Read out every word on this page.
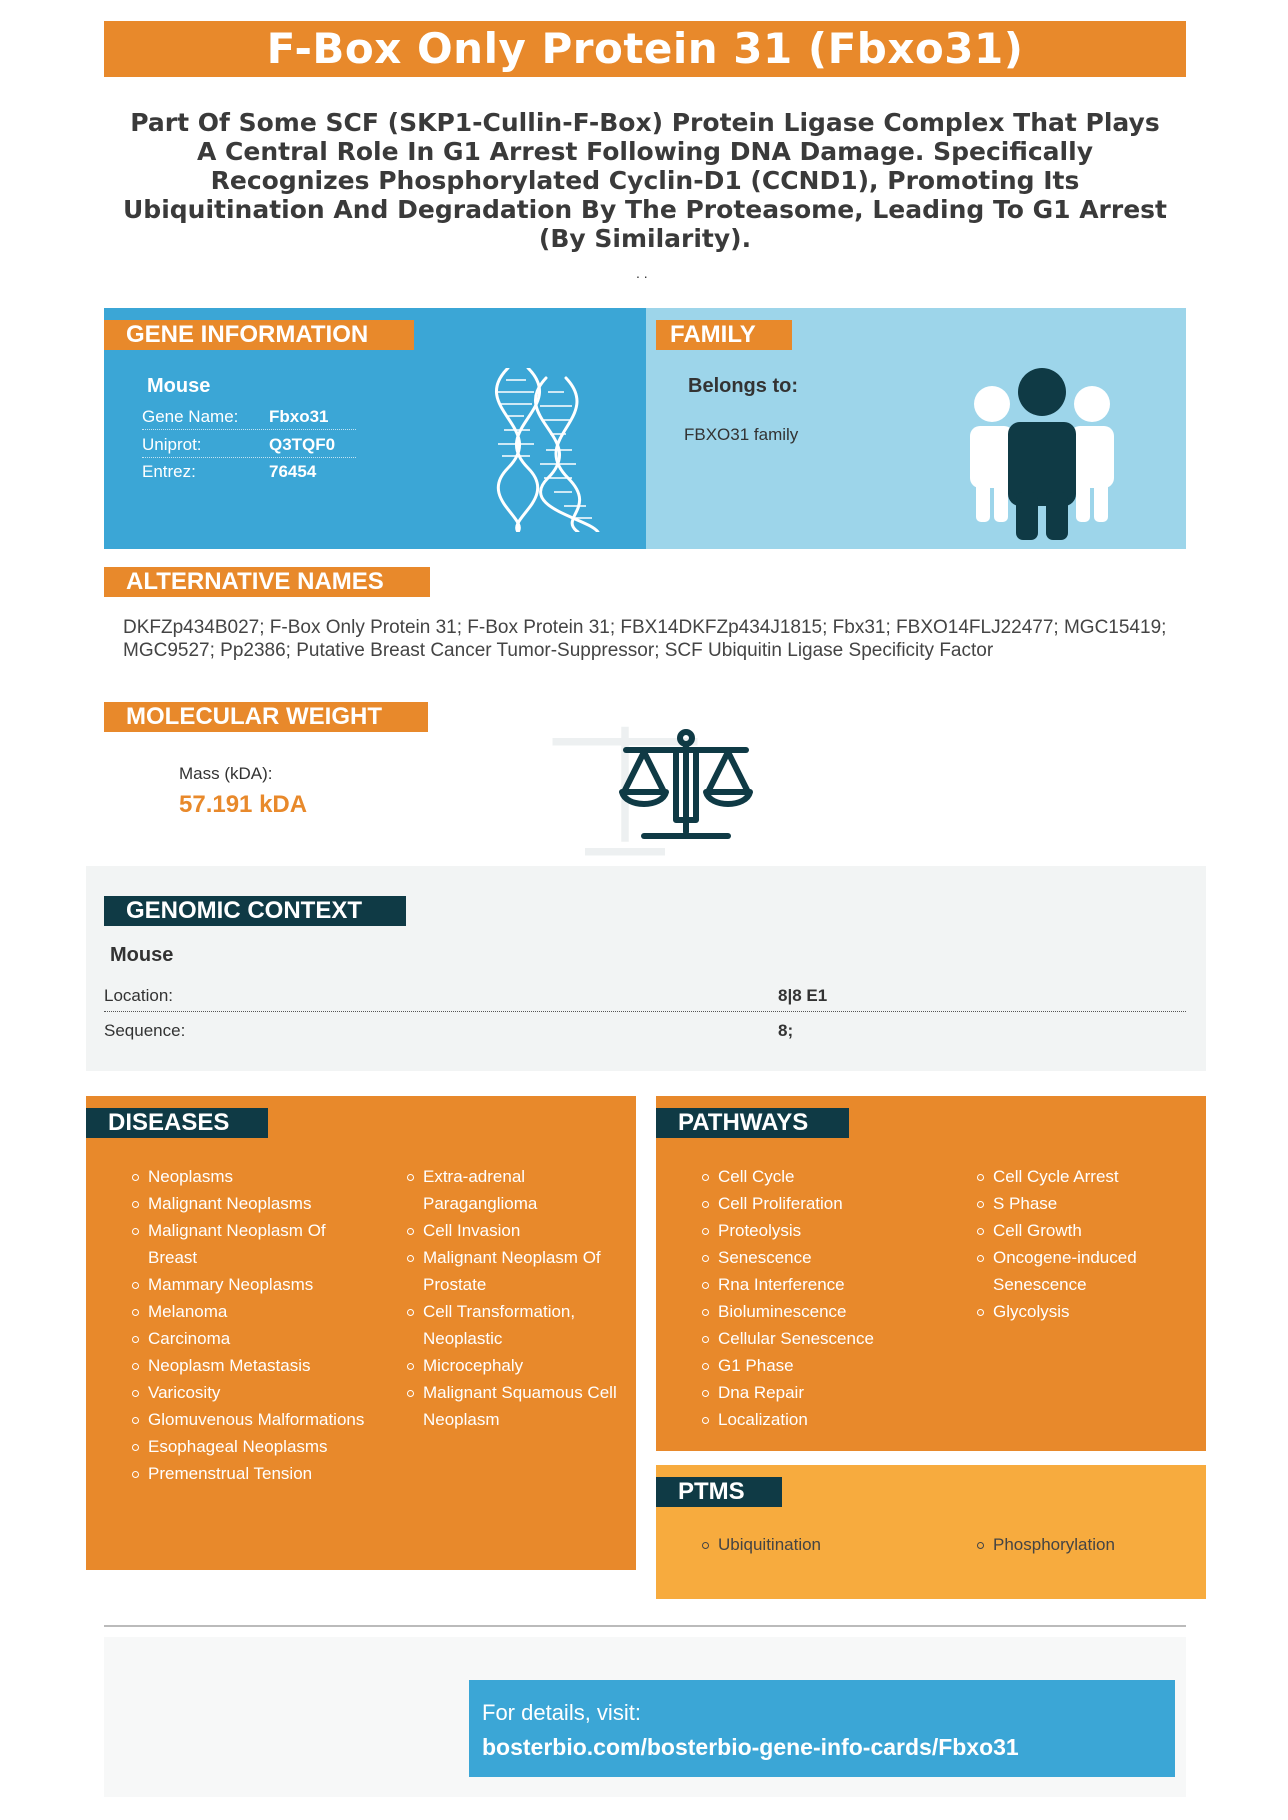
F-Box Only Protein 31 (Fbxo31)
Part Of Some SCF (SKP1-Cullin-F-Box) Protein Ligase Complex That Plays A Central Role In G1 Arrest Following DNA Damage. Specifically Recognizes Phosphorylated Cyclin-D1 (CCND1), Promoting Its Ubiquitination And Degradation By The Proteasome, Leading To G1 Arrest (By Similarity).
. .
GENE INFORMATION
Mouse
Gene Name: Fbxo31
Uniprot:	Q3TQF0
Entrez:	76454
FAMILY
Belongs to:
FBXO31 family
ALTERNATIVE NAMES
DKFZp434B027; F-Box Only Protein 31; F-Box Protein 31; FBX14DKFZp434J1815; Fbx31; FBXO14FLJ22477; MGC15419; MGC9527; Pp2386; Putative Breast Cancer Tumor-Suppressor; SCF Ubiquitin Ligase Specificity Factor
MOLECULAR WEIGHT
Mass (kDA):
57.191 kDA
GENOMIC CONTEXT
Mouse
Location:	8|8 E1
Sequence:	8;
DISEASES
Neoplasms
Malignant Neoplasms
Malignant Neoplasm Of Breast
Mammary Neoplasms
Melanoma
Carcinoma
Neoplasm Metastasis
Varicosity
Glomuvenous Malformations
Esophageal Neoplasms
Premenstrual Tension
Extra-adrenal Paraganglioma
Cell Invasion
Malignant Neoplasm Of Prostate
Cell Transformation, Neoplastic
Microcephaly
Malignant Squamous Cell Neoplasm
PATHWAYS
Cell Cycle
Cell Proliferation
Proteolysis
Senescence
Rna Interference
Bioluminescence
Cellular Senescence
G1 Phase
Dna Repair
Localization
Cell Cycle Arrest
S Phase
Cell Growth
Oncogene-induced Senescence
Glycolysis
PTMS
Ubiquitination	Phosphorylation
For details, visit:
bosterbio.com/bosterbio-gene-info-cards/Fbxo31
